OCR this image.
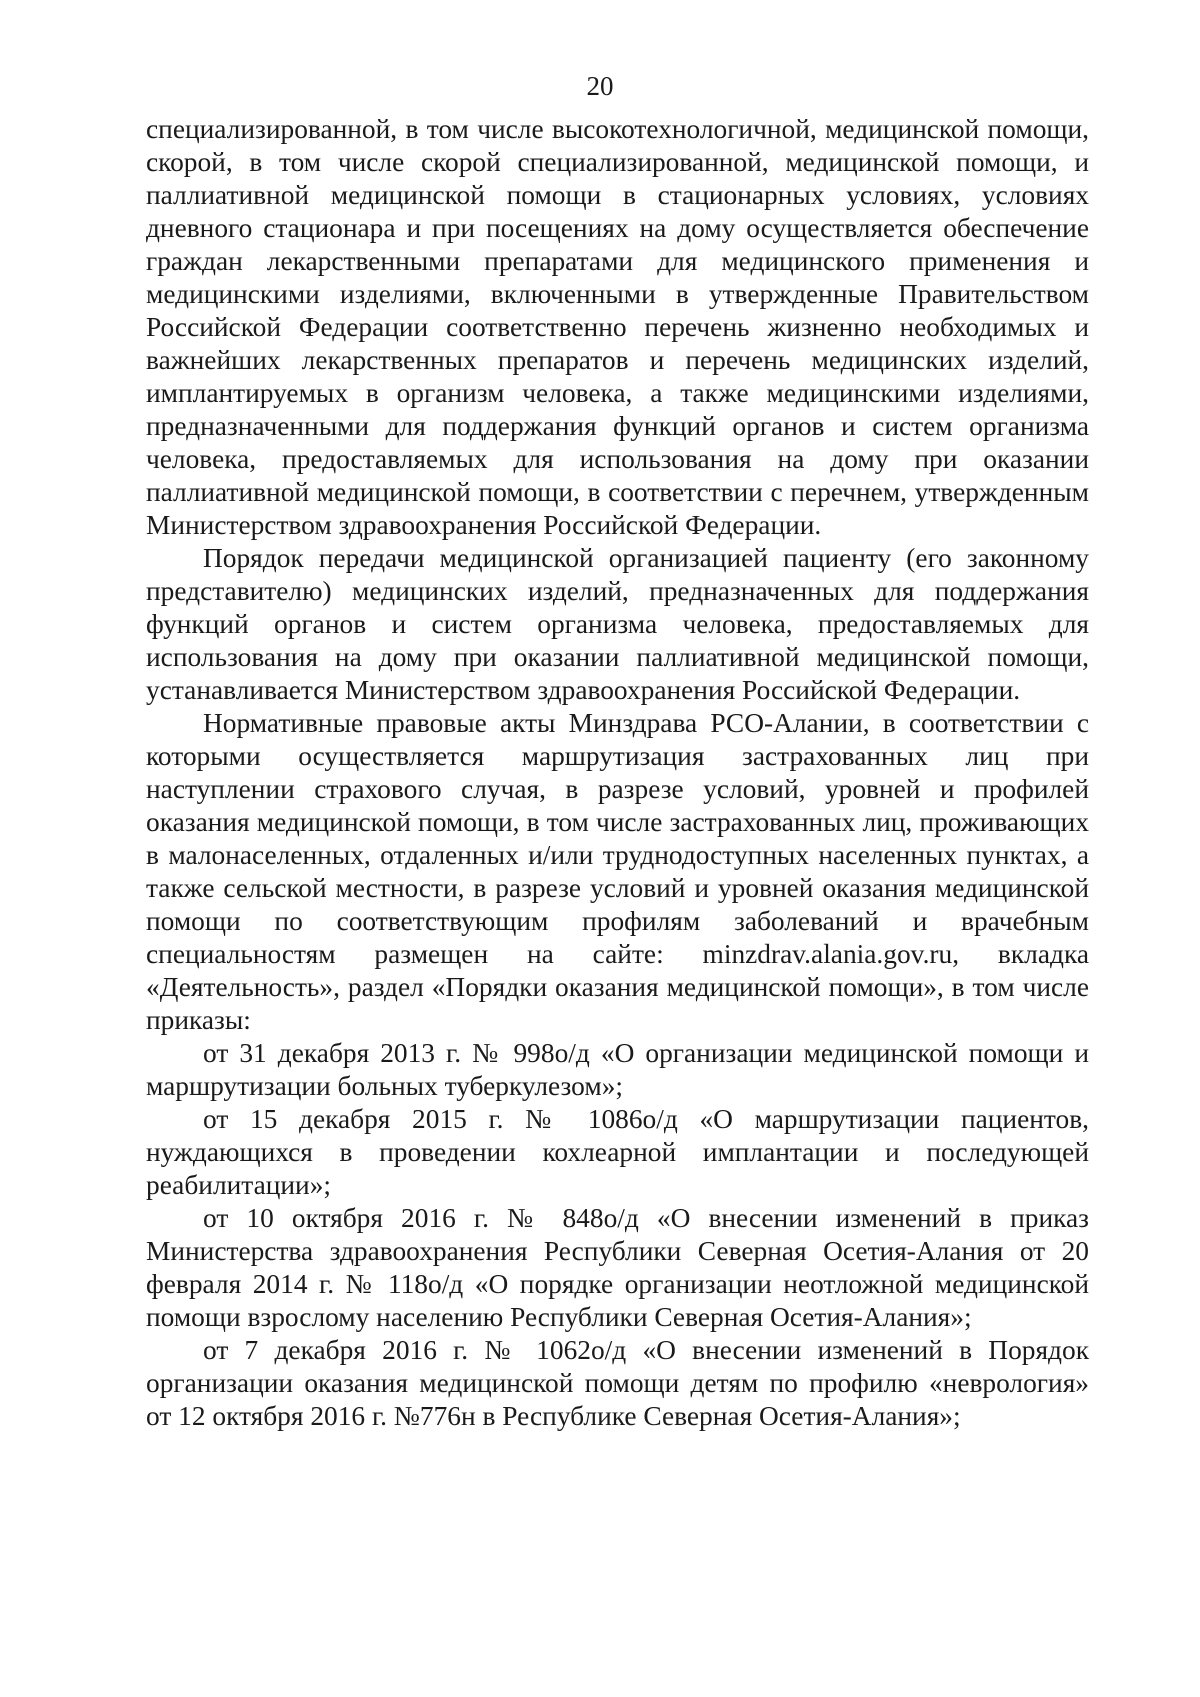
20

специализированной, в том числе высокотехнологичной, медицинской помощи, скорой, в том числе скорой специализированной, медицинской помощи, и паллиативной медицинской помощи в стационарных условиях, условиях дневного стационара и при посещениях на дому осуществляется обеспечение граждан лекарственными препаратами для медицинского применения и медицинскими изделиями, включенными в утвержденные Правительством Российской Федерации соответственно перечень жизненно необходимых и важнейших лекарственных препаратов и перечень медицинских изделий, имплантируемых в организм человека, а также медицинскими изделиями, предназначенными для поддержания функций органов и систем организма человека, предоставляемых для использования на дому при оказании паллиативной медицинской помощи, в соответствии с перечнем, утвержденным Министерством здравоохранения Российской Федерации.

Порядок передачи медицинской организацией пациенту (его законному представителю) медицинских изделий, предназначенных для поддержания функций органов и систем организма человека, предоставляемых для использования на дому при оказании паллиативной медицинской помощи, устанавливается Министерством здравоохранения Российской Федерации.

Нормативные правовые акты Минздрава РСО-Алании, в соответствии с которыми осуществляется маршрутизация застрахованных лиц при наступлении страхового случая, в разрезе условий, уровней и профилей оказания медицинской помощи, в том числе застрахованных лиц, проживающих в малонаселенных, отдаленных и/или труднодоступных населенных пунктах, а также сельской местности, в разрезе условий и уровней оказания медицинской помощи по соответствующим профилям заболеваний и врачебным специальностям размещен на сайте: minzdrav.alania.gov.ru, вкладка «Деятельность», раздел «Порядки оказания медицинской помощи», в том числе приказы:

от 31 декабря 2013 г. № 998о/д «О организации медицинской помощи и маршрутизации больных туберкулезом»;

от 15 декабря 2015 г. № 1086о/д «О маршрутизации пациентов, нуждающихся в проведении кохлеарной имплантации и последующей реабилитации»;

от 10 октября 2016 г. № 848о/д «О внесении изменений в приказ Министерства здравоохранения Республики Северная Осетия-Алания от 20 февраля 2014 г. № 118о/д «О порядке организации неотложной медицинской помощи взрослому населению Республики Северная Осетия-Алания»;

от 7 декабря 2016 г. № 1062о/д «О внесении изменений в Порядок организации оказания медицинской помощи детям по профилю «неврология» от 12 октября 2016 г. №776н в Республике Северная Осетия-Алания»;
